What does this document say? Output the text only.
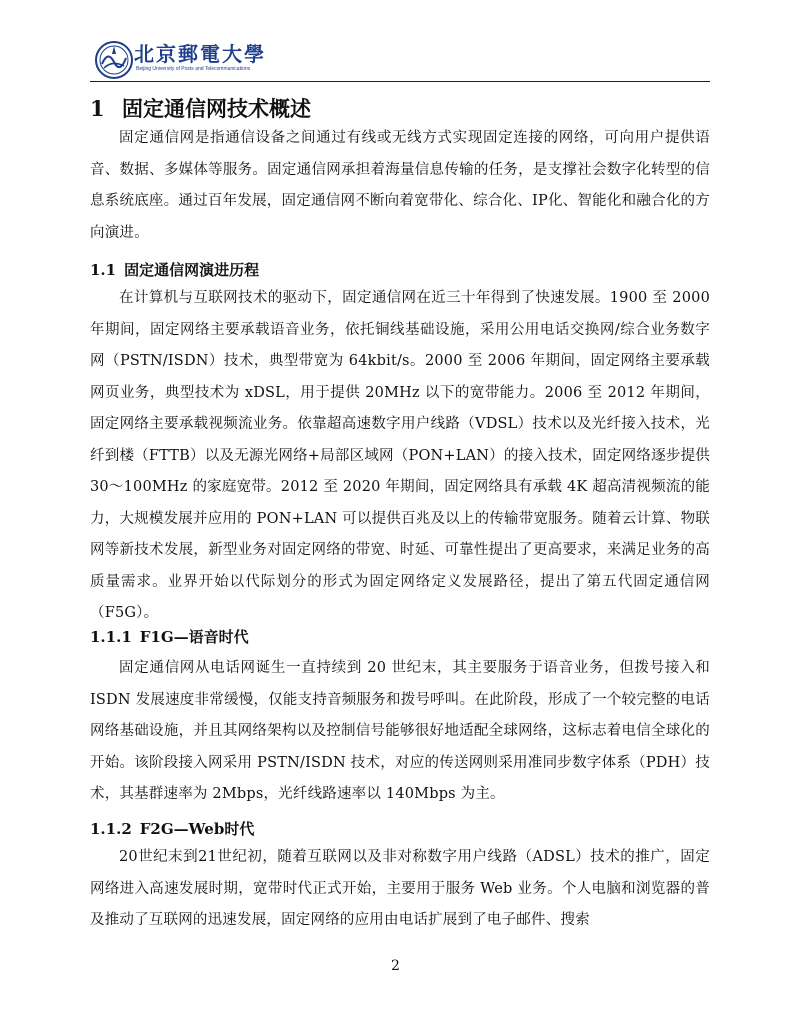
北京郵電大學
Beijing University of Posts and Telecommunications
1 固定通信网技术概述

固定通信网是指通信设备之间通过有线或无线方式实现固定连接的网络，可向用户提供语音、数据、多媒体等服务。固定通信网承担着海量信息传输的任务，是支撑社会数字化转型的信息系统底座。通过百年发展，固定通信网不断向着宽带化、综合化、IP化、智能化和融合化的方向演进。

1.1 固定通信网演进历程

在计算机与互联网技术的驱动下，固定通信网在近三十年得到了快速发展。1900 至 2000 年期间，固定网络主要承载语音业务，依托铜线基础设施，采用公用电话交换网/综合业务数字网（PSTN/ISDN）技术，典型带宽为 64kbit/s。2000 至 2006 年期间，固定网络主要承载网页业务，典型技术为 xDSL，用于提供 20MHz 以下的宽带能力。2006 至 2012 年期间，固定网络主要承载视频流业务。依靠超高速数字用户线路（VDSL）技术以及光纤接入技术，光纤到楼（FTTB）以及无源光网络+局部区域网（PON+LAN）的接入技术，固定网络逐步提供 30～100MHz 的家庭宽带。2012 至 2020 年期间，固定网络具有承载 4K 超高清视频流的能力，大规模发展并应用的 PON+LAN 可以提供百兆及以上的传输带宽服务。随着云计算、物联网等新技术发展，新型业务对固定网络的带宽、时延、可靠性提出了更高要求，来满足业务的高质量需求。业界开始以代际划分的形式为固定网络定义发展路径，提出了第五代固定通信网（F5G）。

1.1.1 F1G—语音时代

固定通信网从电话网诞生一直持续到 20 世纪末，其主要服务于语音业务，但拨号接入和 ISDN 发展速度非常缓慢，仅能支持音频服务和拨号呼叫。在此阶段，形成了一个较完整的电话网络基础设施，并且其网络架构以及控制信号能够很好地适配全球网络，这标志着电信全球化的开始。该阶段接入网采用 PSTN/ISDN 技术，对应的传送网则采用准同步数字体系（PDH）技术，其基群速率为 2Mbps，光纤线路速率以 140Mbps 为主。

1.1.2 F2G—Web时代

20世纪末到21世纪初，随着互联网以及非对称数字用户线路（ADSL）技术的推广，固定网络进入高速发展时期，宽带时代正式开始，主要用于服务 Web 业务。个人电脑和浏览器的普及推动了互联网的迅速发展，固定网络的应用由电话扩展到了电子邮件、搜索

2
